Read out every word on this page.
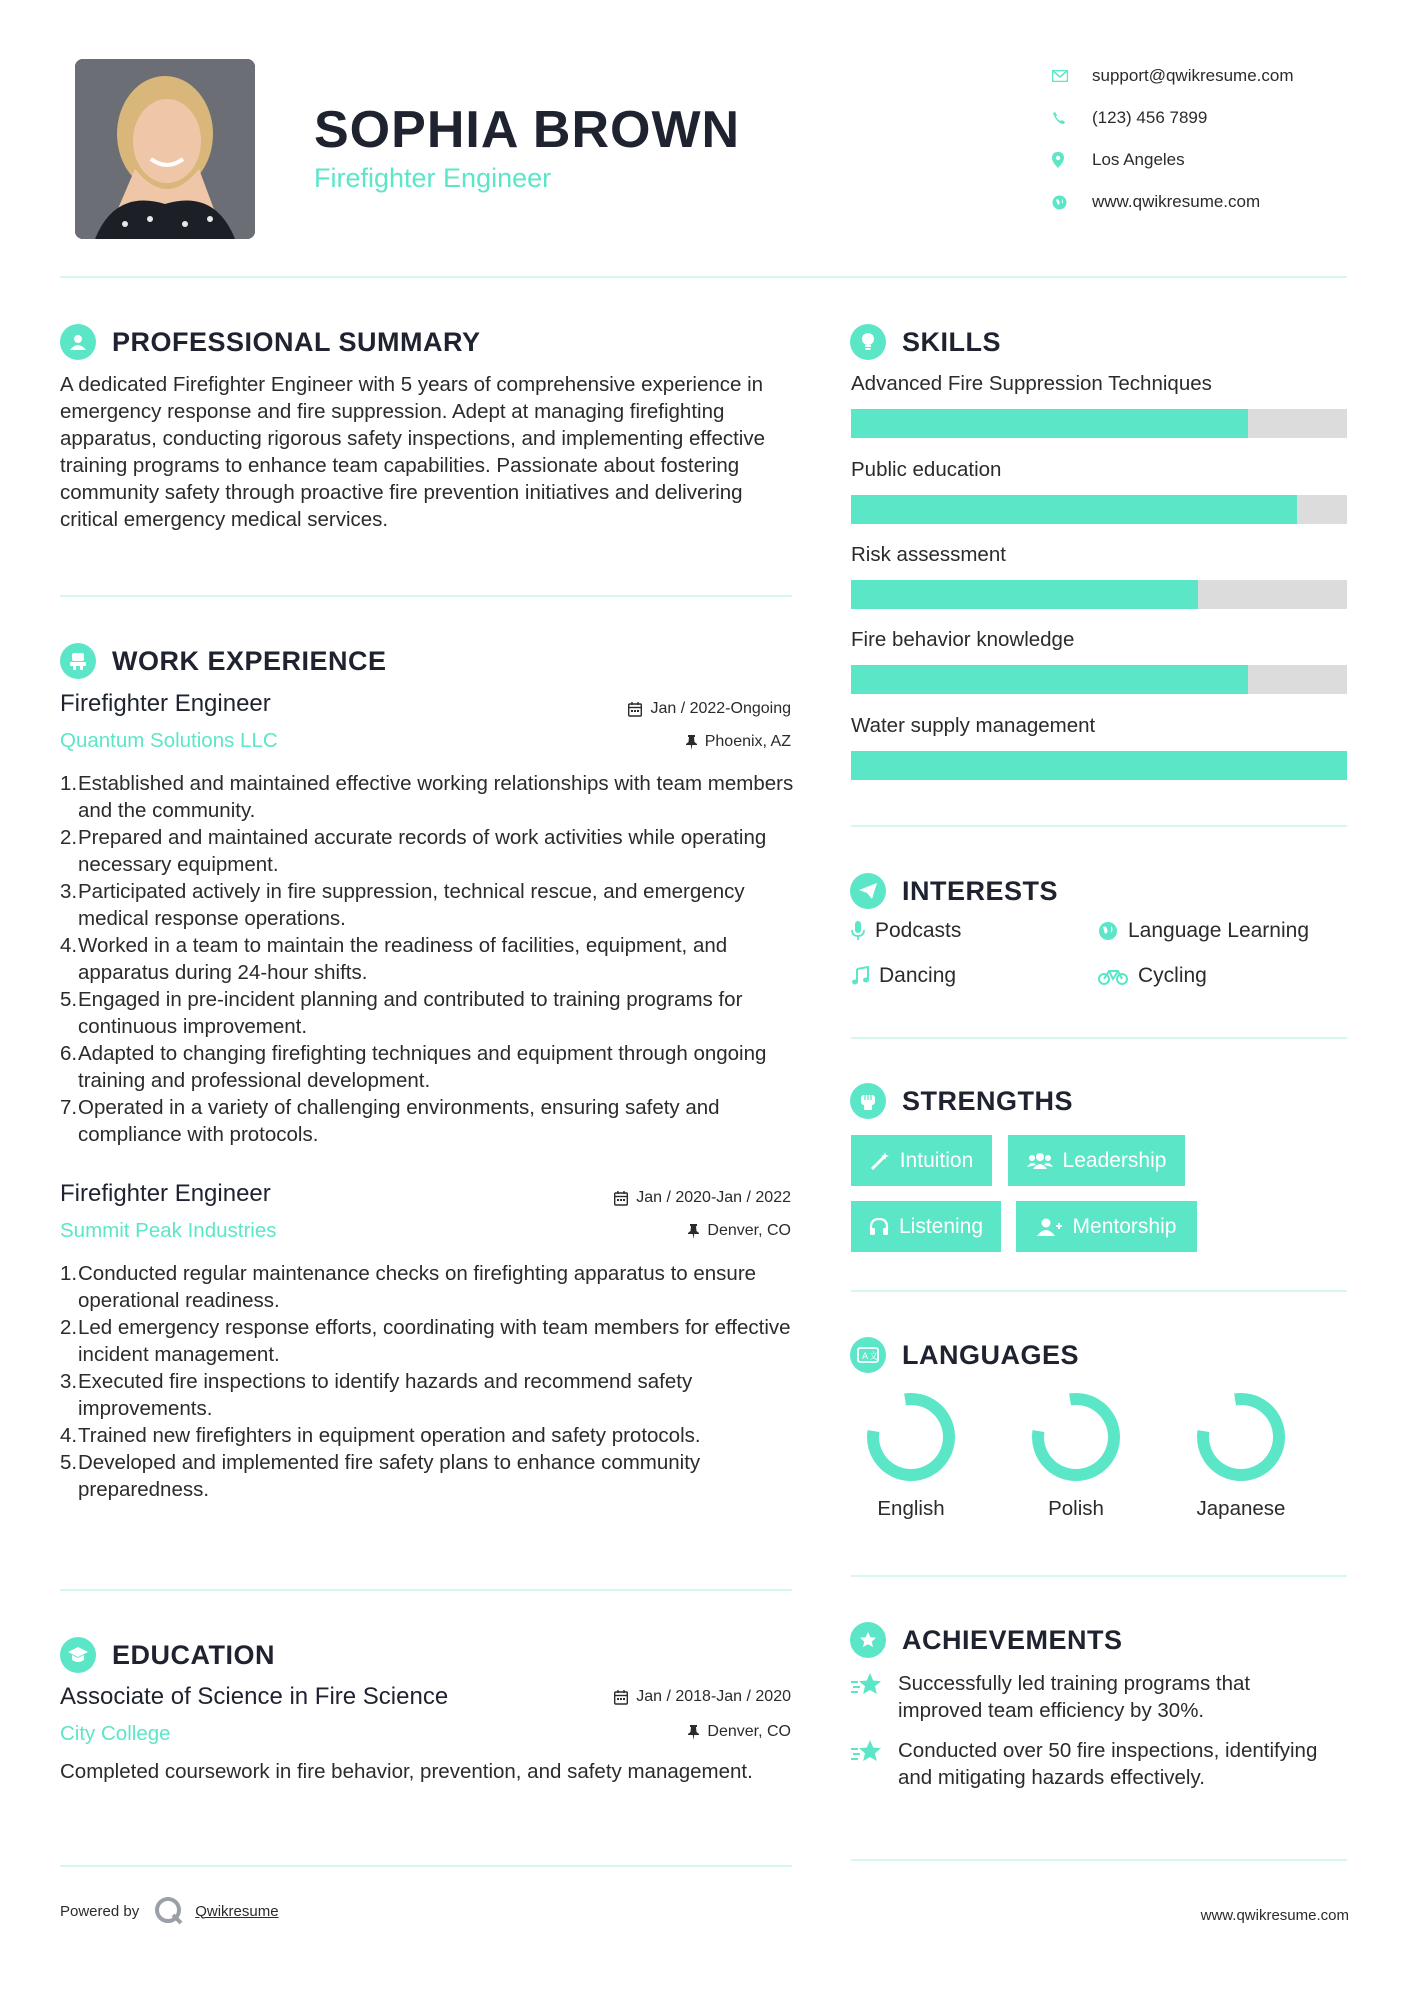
SOPHIA BROWN
Firefighter Engineer
support@qwikresume.com
(123) 456 7899
Los Angeles
www.qwikresume.com
PROFESSIONAL SUMMARY
A dedicated Firefighter Engineer with 5 years of comprehensive experience in emergency response and fire suppression. Adept at managing firefighting apparatus, conducting rigorous safety inspections, and implementing effective training programs to enhance team capabilities. Passionate about fostering community safety through proactive fire prevention initiatives and delivering critical emergency medical services.
WORK EXPERIENCE
Firefighter Engineer
Quantum Solutions LLC
Jan / 2022-Ongoing
Phoenix, AZ
Established and maintained effective working relationships with team members and the community.
Prepared and maintained accurate records of work activities while operating necessary equipment.
Participated actively in fire suppression, technical rescue, and emergency medical response operations.
Worked in a team to maintain the readiness of facilities, equipment, and apparatus during 24-hour shifts.
Engaged in pre-incident planning and contributed to training programs for continuous improvement.
Adapted to changing firefighting techniques and equipment through ongoing training and professional development.
Operated in a variety of challenging environments, ensuring safety and compliance with protocols.
Firefighter Engineer
Summit Peak Industries
Jan / 2020-Jan / 2022
Denver, CO
Conducted regular maintenance checks on firefighting apparatus to ensure operational readiness.
Led emergency response efforts, coordinating with team members for effective incident management.
Executed fire inspections to identify hazards and recommend safety improvements.
Trained new firefighters in equipment operation and safety protocols.
Developed and implemented fire safety plans to enhance community preparedness.
EDUCATION
Associate of Science in Fire Science
City College
Jan / 2018-Jan / 2020
Denver, CO
Completed coursework in fire behavior, prevention, and safety management.
SKILLS
Advanced Fire Suppression Techniques
Public education
Risk assessment
Fire behavior knowledge
Water supply management
INTERESTS
Podcasts	Language Learning
Dancing	Cycling
STRENGTHS
Intuition	Leadership
Listening	Mentorship
A 文 LANGUAGES
English	Polish	Japanese
ACHIEVEMENTS
Successfully led training programs that improved team efficiency by 30%.
Conducted over 50 fire inspections, identifying and mitigating hazards effectively.
Powered by	Qwikresume	www.qwikresume.com
